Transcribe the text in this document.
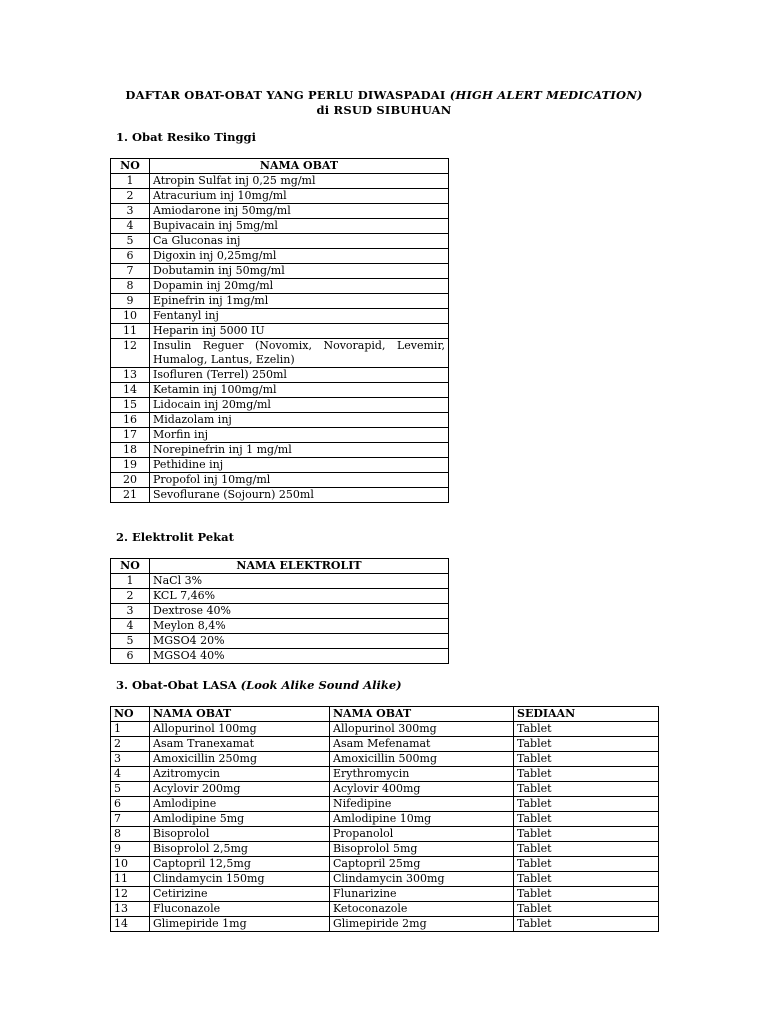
DAFTAR OBAT-OBAT YANG PERLU DIWASPADAI (HIGH ALERT MEDICATION)
di RSUD SIBUHUAN
1. Obat Resiko Tinggi
NO	NAMA OBAT
1	Atropin Sulfat inj 0,25 mg/ml
2	Atracurium inj 10mg/ml
3	Amiodarone inj 50mg/ml
4	Bupivacain inj 5mg/ml
5	Ca Gluconas inj
6	Digoxin inj 0,25mg/ml
7	Dobutamin inj 50mg/ml
8	Dopamin inj 20mg/ml
9	Epinefrin inj 1mg/ml
10	Fentanyl inj
11	Heparin inj 5000 IU
12	Insulin Reguer (Novomix, Novorapid, Levemir, Humalog, Lantus, Ezelin)
13	Isofluren (Terrel) 250ml
14	Ketamin inj 100mg/ml
15	Lidocain inj 20mg/ml
16	Midazolam inj
17	Morfin inj
18	Norepinefrin inj 1 mg/ml
19	Pethidine inj
20	Propofol inj 10mg/ml
21	Sevoflurane (Sojourn) 250ml
2. Elektrolit Pekat
NO	NAMA ELEKTROLIT
1	NaCl 3%
2	KCL 7,46%
3	Dextrose 40%
4	Meylon 8,4%
5	MGSO4 20%
6	MGSO4 40%
3. Obat-Obat LASA (Look Alike Sound Alike)
NO	NAMA OBAT	NAMA OBAT	SEDIAAN
1	Allopurinol 100mg	Allopurinol 300mg	Tablet
2	Asam Tranexamat	Asam Mefenamat	Tablet
3	Amoxicillin 250mg	Amoxicillin 500mg	Tablet
4	Azitromycin	Erythromycin	Tablet
5	Acylovir 200mg	Acylovir 400mg	Tablet
6	Amlodipine	Nifedipine	Tablet
7	Amlodipine 5mg	Amlodipine 10mg	Tablet
8	Bisoprolol	Propanolol	Tablet
9	Bisoprolol 2,5mg	Bisoprolol 5mg	Tablet
10	Captopril 12,5mg	Captopril 25mg	Tablet
11	Clindamycin 150mg	Clindamycin 300mg	Tablet
12	Cetirizine	Flunarizine	Tablet
13	Fluconazole	Ketoconazole	Tablet
14	Glimepiride 1mg	Glimepiride 2mg	Tablet
